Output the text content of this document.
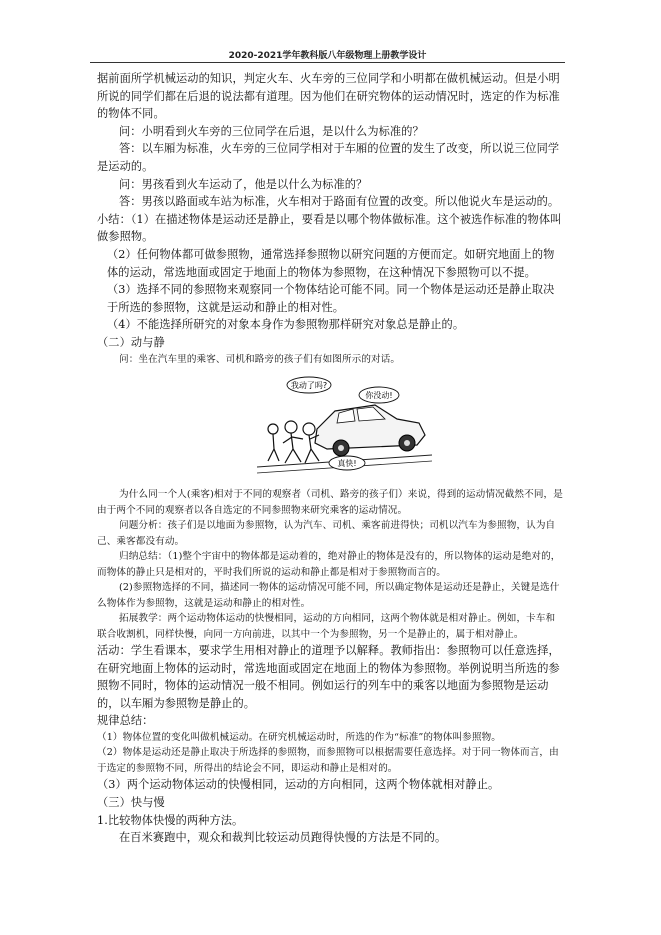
2020-2021学年教科版八年级物理上册教学设计

据前面所学机械运动的知识，判定火车、火车旁的三位同学和小明都在做机械运动。但是小明所说的同学们都在后退的说法都有道理。因为他们在研究物体的运动情况时，选定的作为标准的物体不同。

问：小明看到火车旁的三位同学在后退，是以什么为标准的？

答：以车厢为标准，火车旁的三位同学相对于车厢的位置的发生了改变，所以说三位同学是运动的。

问：男孩看到火车运动了，他是以什么为标准的？

答：男孩以路面或车站为标准，火车相对于路面有位置的改变。所以他说火车是运动的。

小结：（1）在描述物体是运动还是静止，要看是以哪个物体做标准。这个被选作标准的物体叫做参照物。

（2）任何物体都可做参照物，通常选择参照物以研究问题的方便而定。如研究地面上的物体的运动，常选地面或固定于地面上的物体为参照物，在这种情况下参照物可以不提。

（3）选择不同的参照物来观察同一个物体结论可能不同。同一个物体是运动还是静止取决于所选的参照物，这就是运动和静止的相对性。

（4）不能选择所研究的对象本身作为参照物那样研究对象总是静止的。

（二）动与静

问：坐在汽车里的乘客、司机和路旁的孩子们有如图所示的对话。

我动了吗?
你没动!
真快!

为什么同一个人(乘客)相对于不同的观察者（司机、路旁的孩子们）来说，得到的运动情况截然不同，是由于两个不同的观察者以各自选定的不同参照物来研究乘客的运动情况。

问题分析：孩子们是以地面为参照物，认为汽车、司机、乘客前进得快；司机以汽车为参照物，认为自己、乘客都没有动。

归纳总结：（1)整个宇宙中的物体都是运动着的，绝对静止的物体是没有的，所以物体的运动是绝对的，而物体的静止只是相对的，平时我们所说的运动和静止都是相对于参照物而言的。

(2)参照物选择的不同，描述同一物体的运动情况可能不同，所以确定物体是运动还是静止，关键是选什么物体作为参照物，这就是运动和静止的相对性。

拓展教学：两个运动物体运动的快慢相同，运动的方向相同，这两个物体就是相对静止。例如，卡车和联合收割机，同样快慢，向同一方向前进，以其中一个为参照物，另一个是静止的，属于相对静止。

活动：学生看课本，要求学生用相对静止的道理予以解释。教师指出：参照物可以任意选择，在研究地面上物体的运动时，常选地面或固定在地面上的物体为参照物。举例说明当所选的参照物不同时，物体的运动情况一般不相同。例如运行的列车中的乘客以地面为参照物是运动的，以车厢为参照物是静止的。

规律总结：

（1）物体位置的变化叫做机械运动。在研究机械运动时，所选的作为“标准”的物体叫参照物。

（2）物体是运动还是静止取决于所选择的参照物，而参照物可以根据需要任意选择。对于同一物体而言，由于选定的参照物不同，所得出的结论会不同，即运动和静止是相对的。

（3）两个运动物体运动的快慢相同，运动的方向相同，这两个物体就相对静止。

（三）快与慢

1.比较物体快慢的两种方法。

在百米赛跑中，观众和裁判比较运动员跑得快慢的方法是不同的。
